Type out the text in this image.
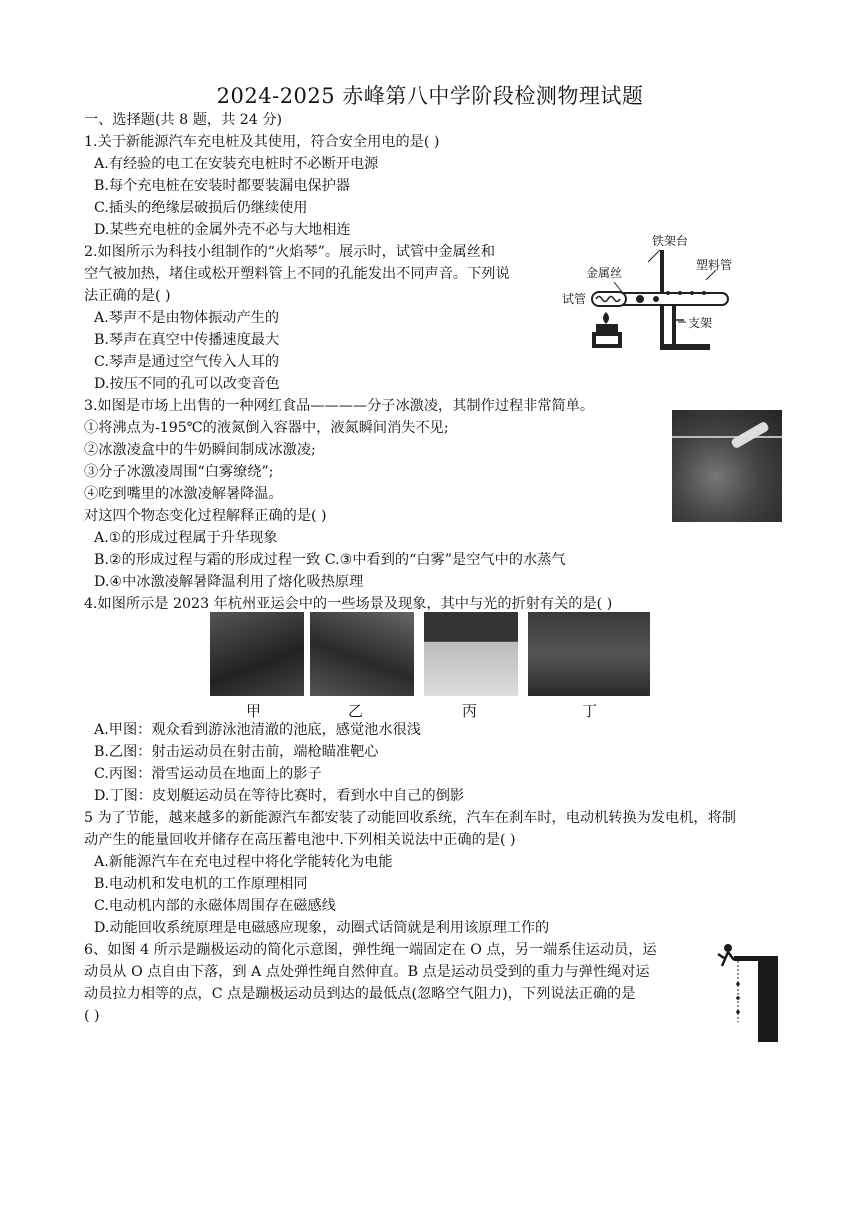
2024-2025 赤峰第八中学阶段检测物理试题
一、选择题(共 8 题，共 24 分)
1.关于新能源汽车充电桩及其使用，符合安全用电的是( )
A.有经验的电工在安装充电桩时不必断开电源
B.每个充电桩在安装时都要装漏电保护器
C.插头的绝缘层破损后仍继续使用
D.某些充电桩的金属外壳不必与大地相连
2.如图所示为科技小组制作的“火焰琴”。展示时，试管中金属丝和
空气被加热，堵住或松开塑料管上不同的孔能发出不同声音。下列说
法正确的是( )
A.琴声不是由物体振动产生的
B.琴声在真空中传播速度最大
C.琴声是通过空气传入人耳的
D.按压不同的孔可以改变音色
铁架台
塑料管
金属丝
试管
支架
3.如图是市场上出售的一种网红食品————分子冰激凌，其制作过程非常简单。
①将沸点为-195℃的液氮倒入容器中，液氮瞬间消失不见;
②冰激凌盒中的牛奶瞬间制成冰激凌;
③分子冰激凌周围“白雾缭绕”;
④吃到嘴里的冰激凌解暑降温。
对这四个物态变化过程解释正确的是( )
A.①的形成过程属于升华现象
B.②的形成过程与霜的形成过程一致 C.③中看到的“白雾”是空气中的水蒸气
D.④中冰激凌解暑降温利用了熔化吸热原理
4.如图所示是 2023 年杭州亚运会中的一些场景及现象，其中与光的折射有关的是( )
甲	乙	丙	丁
A.甲图：观众看到游泳池清澈的池底，感觉池水很浅
B.乙图：射击运动员在射击前，端枪瞄准靶心
C.丙图：滑雪运动员在地面上的影子
D.丁图：皮划艇运动员在等待比赛时，看到水中自己的倒影
5 为了节能，越来越多的新能源汽车都安装了动能回收系统，汽车在刹车时，电动机转换为发电机，将制
动产生的能量回收并储存在高压蓄电池中.下列相关说法中正确的是( )
A.新能源汽车在充电过程中将化学能转化为电能
B.电动机和发电机的工作原理相同
C.电动机内部的永磁体周围存在磁感线
D.动能回收系统原理是电磁感应现象，动圈式话筒就是利用该原理工作的
6、如图 4 所示是蹦极运动的简化示意图，弹性绳一端固定在 O 点，另一端系住运动员，运
动员从 O 点自由下落，到 A 点处弹性绳自然伸直。B 点是运动员受到的重力与弹性绳对运
动员拉力相等的点，C 点是蹦极运动员到达的最低点(忽略空气阻力)，下列说法正确的是
( )
